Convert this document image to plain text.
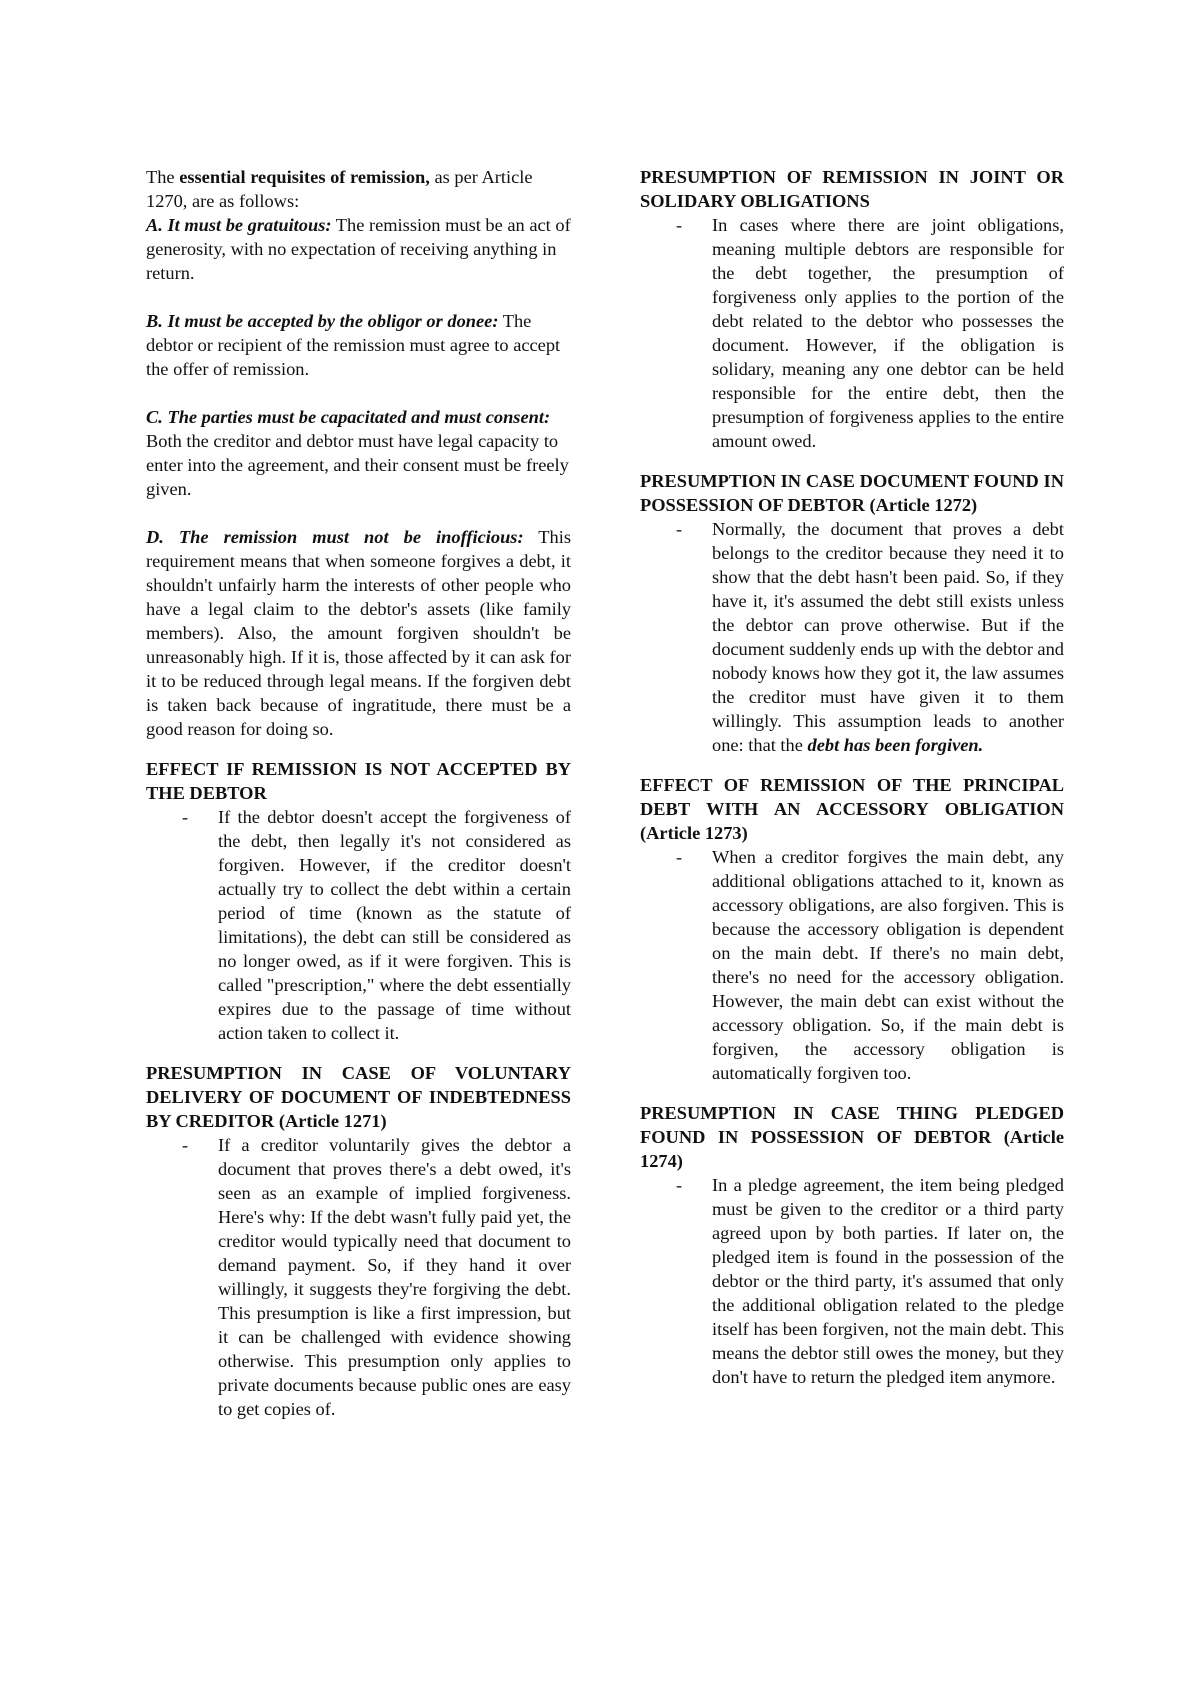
The essential requisites of remission, as per Article 1270, are as follows:

A. It must be gratuitous: The remission must be an act of generosity, with no expectation of receiving anything in return.

B. It must be accepted by the obligor or donee: The debtor or recipient of the remission must agree to accept the offer of remission.

C. The parties must be capacitated and must consent: Both the creditor and debtor must have legal capacity to enter into the agreement, and their consent must be freely given.

D. The remission must not be inofficious: This requirement means that when someone forgives a debt, it shouldn't unfairly harm the interests of other people who have a legal claim to the debtor's assets (like family members). Also, the amount forgiven shouldn't be unreasonably high. If it is, those affected by it can ask for it to be reduced through legal means. If the forgiven debt is taken back because of ingratitude, there must be a good reason for doing so.

EFFECT IF REMISSION IS NOT ACCEPTED BY THE DEBTOR
-	If the debtor doesn't accept the forgiveness of the debt, then legally it's not considered as forgiven. However, if the creditor doesn't actually try to collect the debt within a certain period of time (known as the statute of limitations), the debt can still be considered as no longer owed, as if it were forgiven. This is called "prescription," where the debt essentially expires due to the passage of time without action taken to collect it.
PRESUMPTION IN CASE OF VOLUNTARY DELIVERY OF DOCUMENT OF INDEBTEDNESS BY CREDITOR (Article 1271)
-	If a creditor voluntarily gives the debtor a document that proves there's a debt owed, it's seen as an example of implied forgiveness. Here's why: If the debt wasn't fully paid yet, the creditor would typically need that document to demand payment. So, if they hand it over willingly, it suggests they're forgiving the debt. This presumption is like a first impression, but it can be challenged with evidence showing otherwise. This presumption only applies to private documents because public ones are easy to get copies of.
PRESUMPTION OF REMISSION IN JOINT OR SOLIDARY OBLIGATIONS
-	In cases where there are joint obligations, meaning multiple debtors are responsible for the debt together, the presumption of forgiveness only applies to the portion of the debt related to the debtor who possesses the document. However, if the obligation is solidary, meaning any one debtor can be held responsible for the entire debt, then the presumption of forgiveness applies to the entire amount owed.
PRESUMPTION IN CASE DOCUMENT FOUND IN POSSESSION OF DEBTOR (Article 1272)
-	Normally, the document that proves a debt belongs to the creditor because they need it to show that the debt hasn't been paid. So, if they have it, it's assumed the debt still exists unless the debtor can prove otherwise. But if the document suddenly ends up with the debtor and nobody knows how they got it, the law assumes the creditor must have given it to them willingly. This assumption leads to another one: that the debt has been forgiven.
EFFECT OF REMISSION OF THE PRINCIPAL DEBT WITH AN ACCESSORY OBLIGATION (Article 1273)
-	When a creditor forgives the main debt, any additional obligations attached to it, known as accessory obligations, are also forgiven. This is because the accessory obligation is dependent on the main debt. If there's no main debt, there's no need for the accessory obligation. However, the main debt can exist without the accessory obligation. So, if the main debt is forgiven, the accessory obligation is automatically forgiven too.
PRESUMPTION IN CASE THING PLEDGED FOUND IN POSSESSION OF DEBTOR (Article 1274)
-	In a pledge agreement, the item being pledged must be given to the creditor or a third party agreed upon by both parties. If later on, the pledged item is found in the possession of the debtor or the third party, it's assumed that only the additional obligation related to the pledge itself has been forgiven, not the main debt. This means the debtor still owes the money, but they don't have to return the pledged item anymore.
